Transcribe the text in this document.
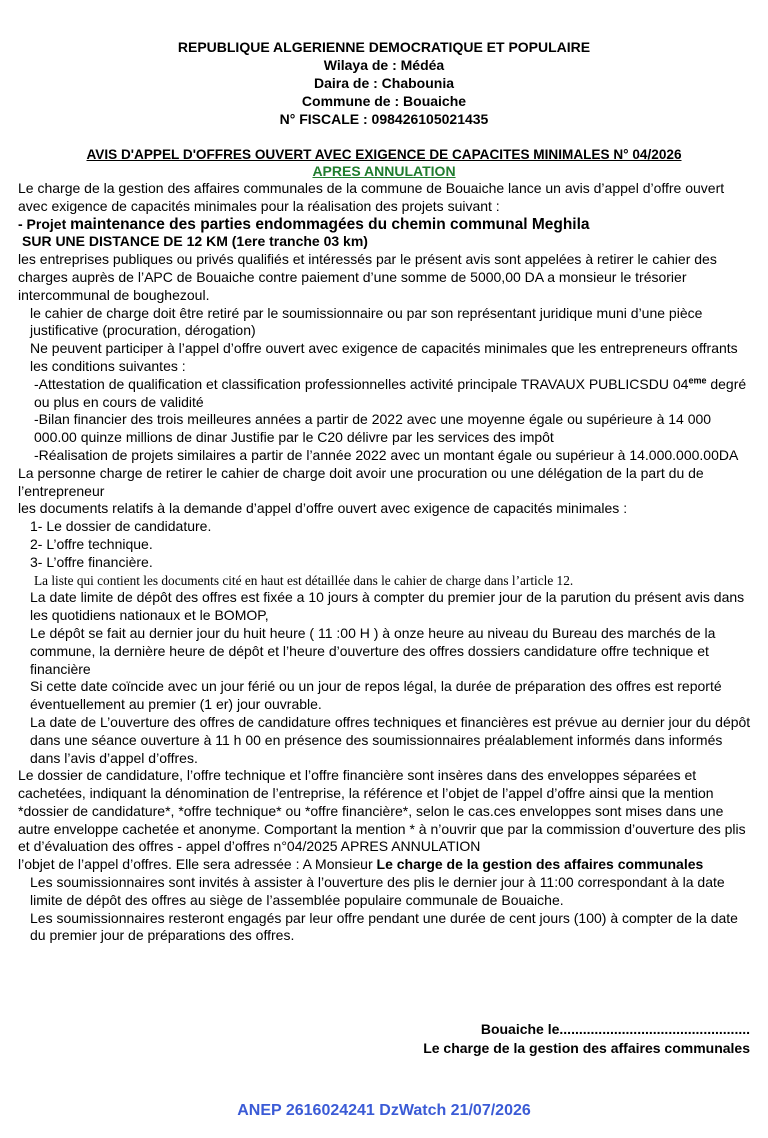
REPUBLIQUE ALGERIENNE DEMOCRATIQUE ET POPULAIRE
Wilaya de : Médéa
Daira de : Chabounia
Commune de : Bouaiche
N° FISCALE : 098426105021435
AVIS D'APPEL D'OFFRES OUVERT AVEC EXIGENCE DE CAPACITES MINIMALES N° 04/2026
APRES ANNULATION

Le charge de la gestion des affaires communales de la commune de Bouaiche lance un avis d’appel d’offre ouvert avec exigence de capacités minimales pour la réalisation des projets suivant :

- Projet maintenance des parties endommagées du chemin communal Meghila

SUR UNE DISTANCE DE 12 KM (1ere tranche 03 km)

les entreprises publiques ou privés qualifiés et intéressés par le présent avis sont appelées à retirer le cahier des charges auprès de l’APC de Bouaiche contre paiement d’une somme de 5000,00 DA a monsieur le trésorier intercommunal de boughezoul.

le cahier de charge doit être retiré par le soumissionnaire ou par son représentant juridique muni d’une pièce justificative (procuration, dérogation)

Ne peuvent participer à l’appel d’offre ouvert avec exigence de capacités minimales que les entrepreneurs offrants les conditions suivantes :

-Attestation de qualification et classification professionnelles activité principale TRAVAUX PUBLICSDU 04eme degré ou plus en cours de validité

-Bilan financier des trois meilleures années a partir de 2022 avec une moyenne égale ou supérieure à 14 000 000.00 quinze millions de dinar Justifie par le C20 délivre par les services des impôt

-Réalisation de projets similaires a partir de l’année 2022 avec un montant égale ou supérieur à 14.000.000.00DA

La personne charge de retirer le cahier de charge doit avoir une procuration ou une délégation de la part du de l’entrepreneur

les documents relatifs à la demande d’appel d’offre ouvert avec exigence de capacités minimales :

1- Le dossier de candidature.

2- L’offre technique.

3- L’offre financière.

La liste qui contient les documents cité en haut est détaillée dans le cahier de charge dans l’article 12.

La date limite de dépôt des offres est fixée a 10 jours à compter du premier jour de la parution du présent avis dans les quotidiens nationaux et le BOMOP,

Le dépôt se fait au dernier jour du huit heure ( 11 :00 H ) à onze heure au niveau du Bureau des marchés de la commune, la dernière heure de dépôt et l’heure d’ouverture des offres dossiers candidature offre technique et financière

Si cette date coïncide avec un jour férié ou un jour de repos légal, la durée de préparation des offres est reporté éventuellement au premier (1 er) jour ouvrable.

La date de L’ouverture des offres de candidature offres techniques et financières est prévue au dernier jour du dépôt dans une séance ouverture à 11 h 00 en présence des soumissionnaires préalablement informés dans informés dans l’avis d’appel d’offres.

Le dossier de candidature, l’offre technique et l’offre financière sont insères dans des enveloppes séparées et cachetées, indiquant la dénomination de l’entreprise, la référence et l’objet de l’appel d’offre ainsi que la mention *dossier de candidature*, *offre technique* ou *offre financière*, selon le cas.ces enveloppes sont mises dans une autre enveloppe cachetée et anonyme. Comportant la mention * à n’ouvrir que par la commission d’ouverture des plis et d’évaluation des offres - appel d’offres n°04/2025 APRES ANNULATION

l’objet de l’appel d’offres. Elle sera adressée : A Monsieur Le charge de la gestion des affaires communales

Les soumissionnaires sont invités à assister à l’ouverture des plis le dernier jour à 11:00 correspondant à la date limite de dépôt des offres au siège de l’assemblée populaire communale de Bouaiche.

Les soumissionnaires resteront engagés par leur offre pendant une durée de cent jours (100) à compter de la date du premier jour de préparations des offres.

Bouaiche le.................................................
Le charge de la gestion des affaires communales
ANEP 2616024241 DzWatch 21/07/2026
